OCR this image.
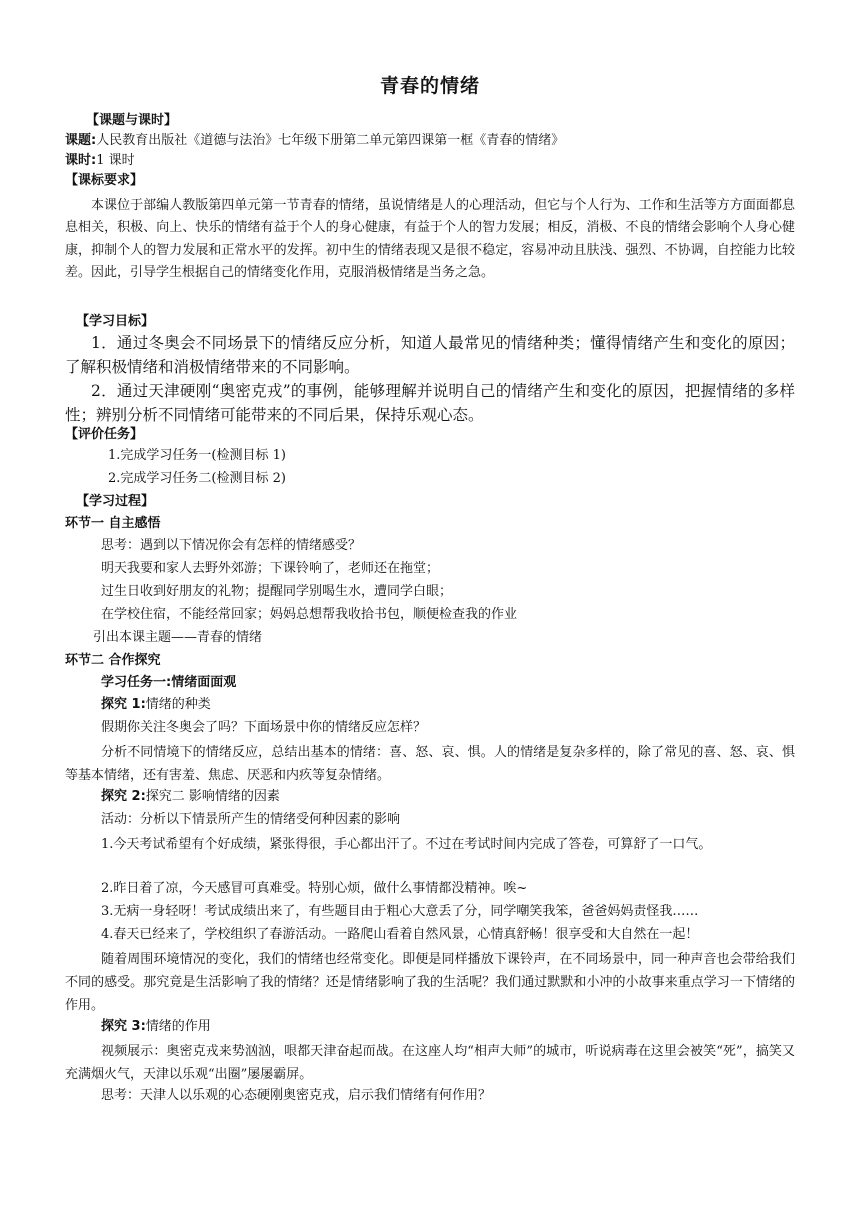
青春的情绪
【课题与课时】
课题:人民教育出版社《道德与法治》七年级下册第二单元第四课第一框《青春的情绪》
课时:1 课时
【课标要求】
本课位于部编人教版第四单元第一节青春的情绪，虽说情绪是人的心理活动，但它与个人行为、工作和生活等方方面面都息息相关，积极、向上、快乐的情绪有益于个人的身心健康，有益于个人的智力发展；相反，消极、不良的情绪会影响个人身心健康，抑制个人的智力发展和正常水平的发挥。初中生的情绪表现又是很不稳定，容易冲动且肤浅、强烈、不协调，自控能力比较差。因此，引导学生根据自己的情绪变化作用，克服消极情绪是当务之急。
【学习目标】
1．通过冬奥会不同场景下的情绪反应分析，知道人最常见的情绪种类；懂得情绪产生和变化的原因；了解积极情绪和消极情绪带来的不同影响。
2．通过天津硬刚“奥密克戎”的事例，能够理解并说明自己的情绪产生和变化的原因，把握情绪的多样性；辨别分析不同情绪可能带来的不同后果，保持乐观心态。
【评价任务】
1.完成学习任务一(检测目标 1)
2.完成学习任务二(检测目标 2)
【学习过程】
环节一 自主感悟
思考：遇到以下情况你会有怎样的情绪感受？
明天我要和家人去野外郊游；下课铃响了，老师还在拖堂；
过生日收到好朋友的礼物；提醒同学别喝生水，遭同学白眼；
在学校住宿，不能经常回家；妈妈总想帮我收拾书包，顺便检查我的作业
引出本课主题——青春的情绪
环节二 合作探究
学习任务一:情绪面面观
探究 1:情绪的种类
假期你关注冬奥会了吗？下面场景中你的情绪反应怎样？
分析不同情境下的情绪反应，总结出基本的情绪：喜、怒、哀、惧。人的情绪是复杂多样的，除了常见的喜、怒、哀、惧等基本情绪，还有害羞、焦虑、厌恶和内疚等复杂情绪。
探究 2:探究二 影响情绪的因素
活动：分析以下情景所产生的情绪受何种因素的影响
1.今天考试希望有个好成绩，紧张得很，手心都出汗了。不过在考试时间内完成了答卷，可算舒了一口气。
2.昨日着了凉，今天感冒可真难受。特别心烦，做什么事情都没精神。唉~
3.无病一身轻呀！考试成绩出来了，有些题目由于粗心大意丢了分，同学嘲笑我笨，爸爸妈妈责怪我……
4.春天已经来了，学校组织了春游活动。一路爬山看着自然风景，心情真舒畅！很享受和大自然在一起！
随着周围环境情况的变化，我们的情绪也经常变化。即便是同样播放下课铃声，在不同场景中，同一种声音也会带给我们不同的感受。那究竟是生活影响了我的情绪？还是情绪影响了我的生活呢？我们通过默默和小冲的小故事来重点学习一下情绪的作用。
探究 3:情绪的作用
视频展示：奥密克戎来势汹汹，哏都天津奋起而战。在这座人均“相声大师”的城市，听说病毒在这里会被笑“死”，搞笑又充满烟火气，天津以乐观“出圈”屡屡霸屏。
思考：天津人以乐观的心态硬刚奥密克戎，启示我们情绪有何作用？
